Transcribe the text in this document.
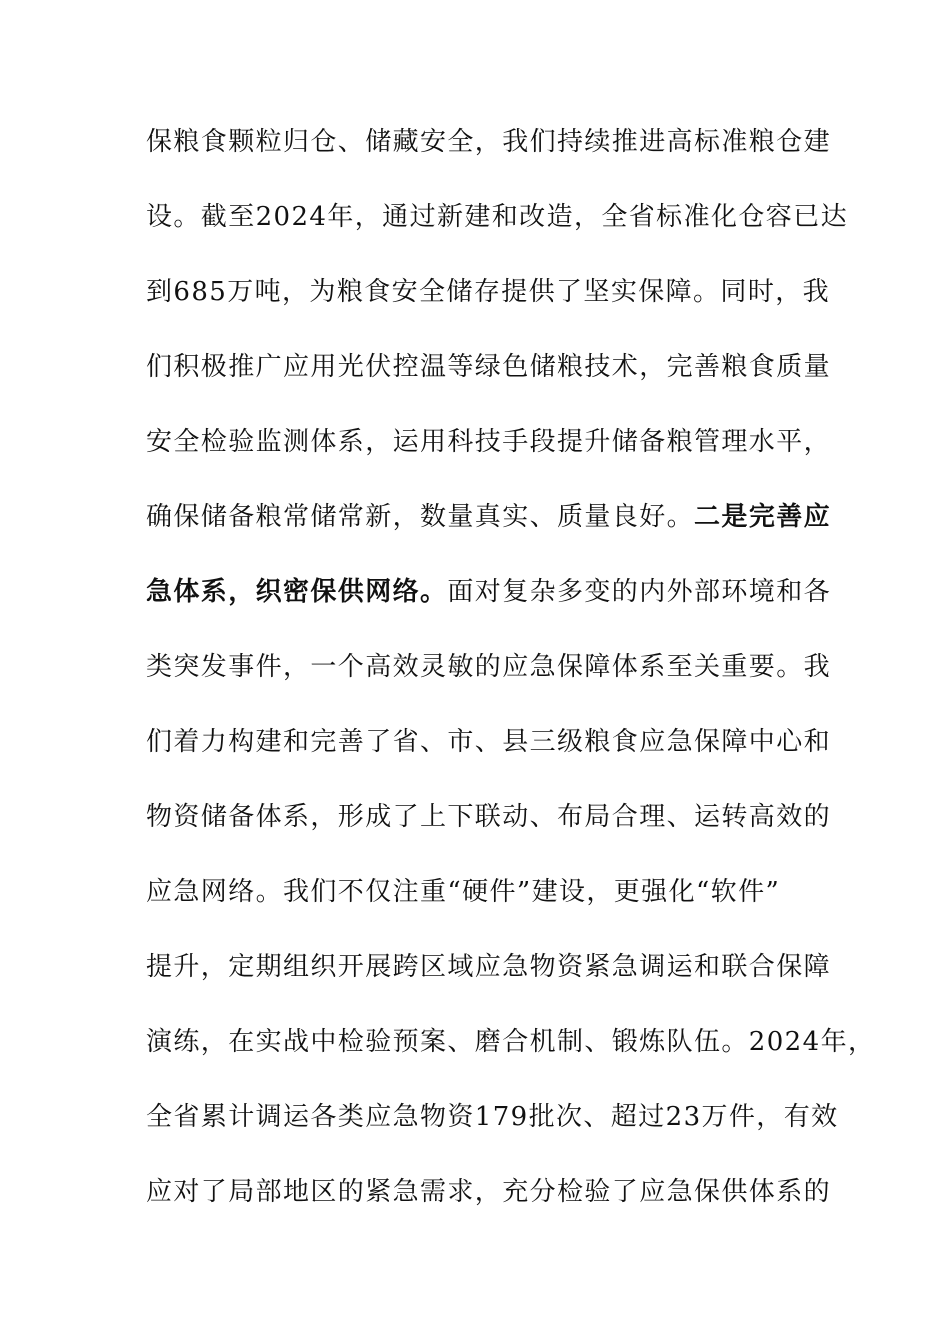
保粮食颗粒归仓、储藏安全，我们持续推进高标准粮仓建
设。截至2024年，通过新建和改造，全省标准化仓容已达
到685万吨，为粮食安全储存提供了坚实保障。同时，我
们积极推广应用光伏控温等绿色储粮技术，完善粮食质量
安全检验监测体系，运用科技手段提升储备粮管理水平，
确保储备粮常储常新，数量真实、质量良好。二是完善应
急体系，织密保供网络。面对复杂多变的内外部环境和各
类突发事件，一个高效灵敏的应急保障体系至关重要。我
们着力构建和完善了省、市、县三级粮食应急保障中心和
物资储备体系，形成了上下联动、布局合理、运转高效的
应急网络。我们不仅注重“硬件”建设，更强化“软件”
提升，定期组织开展跨区域应急物资紧急调运和联合保障
演练，在实战中检验预案、磨合机制、锻炼队伍。2024年，
全省累计调运各类应急物资179批次、超过23万件，有效
应对了局部地区的紧急需求，充分检验了应急保供体系的
